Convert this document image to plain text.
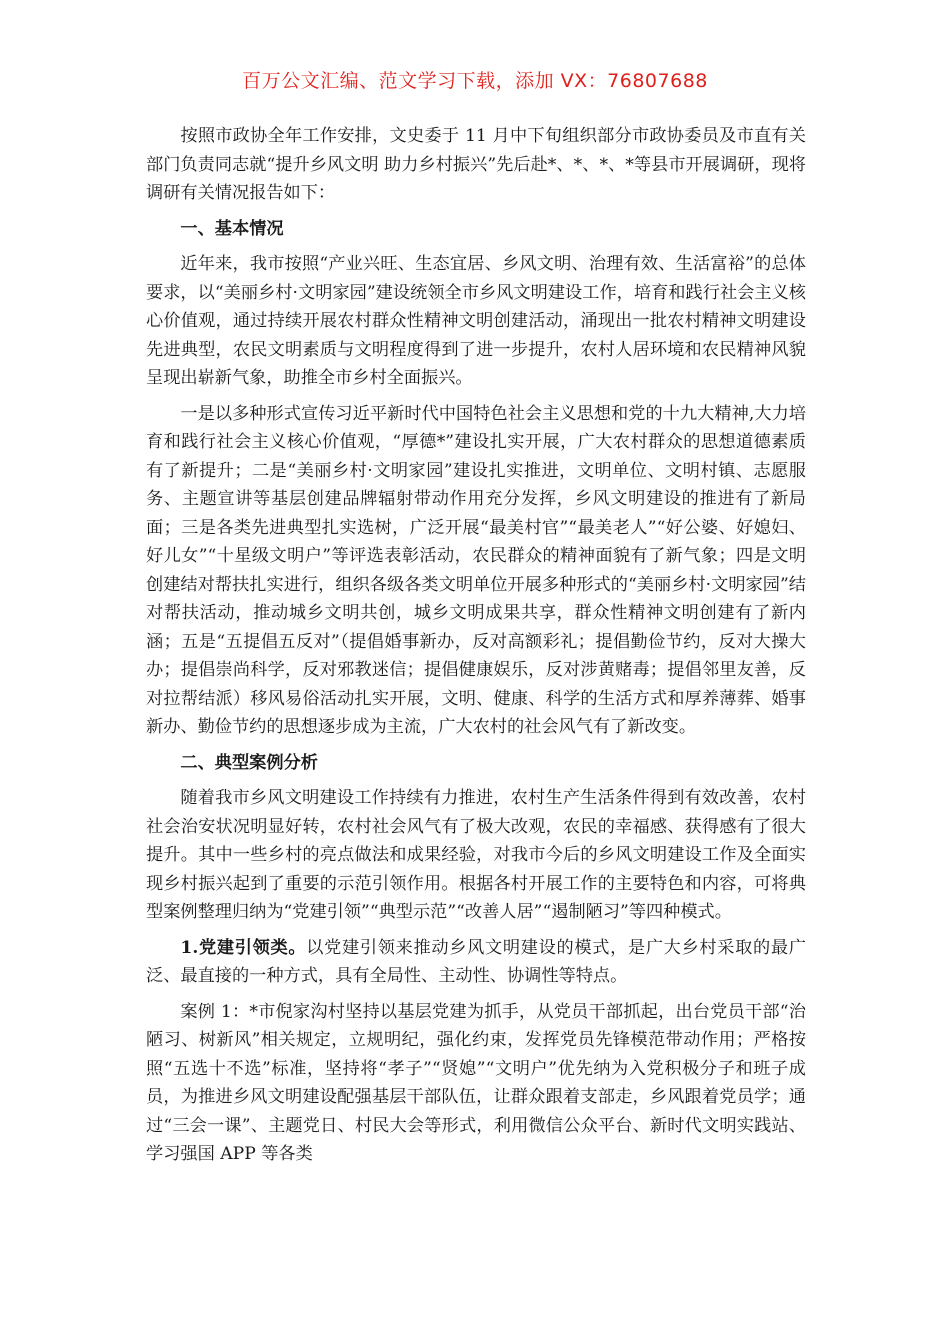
百万公文汇编、范文学习下载，添加 VX：76807688

按照市政协全年工作安排，文史委于 11 月中下旬组织部分市政协委员及市直有关部门负责同志就“提升乡风文明 助力乡村振兴”先后赴*、*、*、*等县市开展调研，现将调研有关情况报告如下：

一、基本情况

近年来，我市按照“产业兴旺、生态宜居、乡风文明、治理有效、生活富裕”的总体要求，以“美丽乡村·文明家园”建设统领全市乡风文明建设工作，培育和践行社会主义核心价值观，通过持续开展农村群众性精神文明创建活动，涌现出一批农村精神文明建设先进典型，农民文明素质与文明程度得到了进一步提升，农村人居环境和农民精神风貌呈现出崭新气象，助推全市乡村全面振兴。

一是以多种形式宣传习近平新时代中国特色社会主义思想和党的十九大精神,大力培育和践行社会主义核心价值观，“厚德*”建设扎实开展，广大农村群众的思想道德素质有了新提升；二是“美丽乡村·文明家园”建设扎实推进，文明单位、文明村镇、志愿服务、主题宣讲等基层创建品牌辐射带动作用充分发挥，乡风文明建设的推进有了新局面；三是各类先进典型扎实选树，广泛开展“最美村官”“最美老人”“好公婆、好媳妇、好儿女”“十星级文明户”等评选表彰活动，农民群众的精神面貌有了新气象；四是文明创建结对帮扶扎实进行，组织各级各类文明单位开展多种形式的“美丽乡村·文明家园”结对帮扶活动，推动城乡文明共创，城乡文明成果共享，群众性精神文明创建有了新内涵；五是“五提倡五反对”（提倡婚事新办，反对高额彩礼；提倡勤俭节约，反对大操大办；提倡崇尚科学，反对邪教迷信；提倡健康娱乐，反对涉黄赌毒；提倡邻里友善，反对拉帮结派）移风易俗活动扎实开展，文明、健康、科学的生活方式和厚养薄葬、婚事新办、勤俭节约的思想逐步成为主流，广大农村的社会风气有了新改变。

二、典型案例分析

随着我市乡风文明建设工作持续有力推进，农村生产生活条件得到有效改善，农村社会治安状况明显好转，农村社会风气有了极大改观，农民的幸福感、获得感有了很大提升。其中一些乡村的亮点做法和成果经验，对我市今后的乡风文明建设工作及全面实现乡村振兴起到了重要的示范引领作用。根据各村开展工作的主要特色和内容，可将典型案例整理归纳为“党建引领”“典型示范”“改善人居”“遏制陋习”等四种模式。

1.党建引领类。以党建引领来推动乡风文明建设的模式，是广大乡村采取的最广泛、最直接的一种方式，具有全局性、主动性、协调性等特点。

案例 1：*市倪家沟村坚持以基层党建为抓手，从党员干部抓起，出台党员干部“治陋习、树新风”相关规定，立规明纪，强化约束，发挥党员先锋模范带动作用；严格按照“五选十不选”标准，坚持将“孝子”“贤媳”“文明户”优先纳为入党积极分子和班子成员，为推进乡风文明建设配强基层干部队伍，让群众跟着支部走，乡风跟着党员学；通过“三会一课”、主题党日、村民大会等形式，利用微信公众平台、新时代文明实践站、学习强国 APP 等各类
